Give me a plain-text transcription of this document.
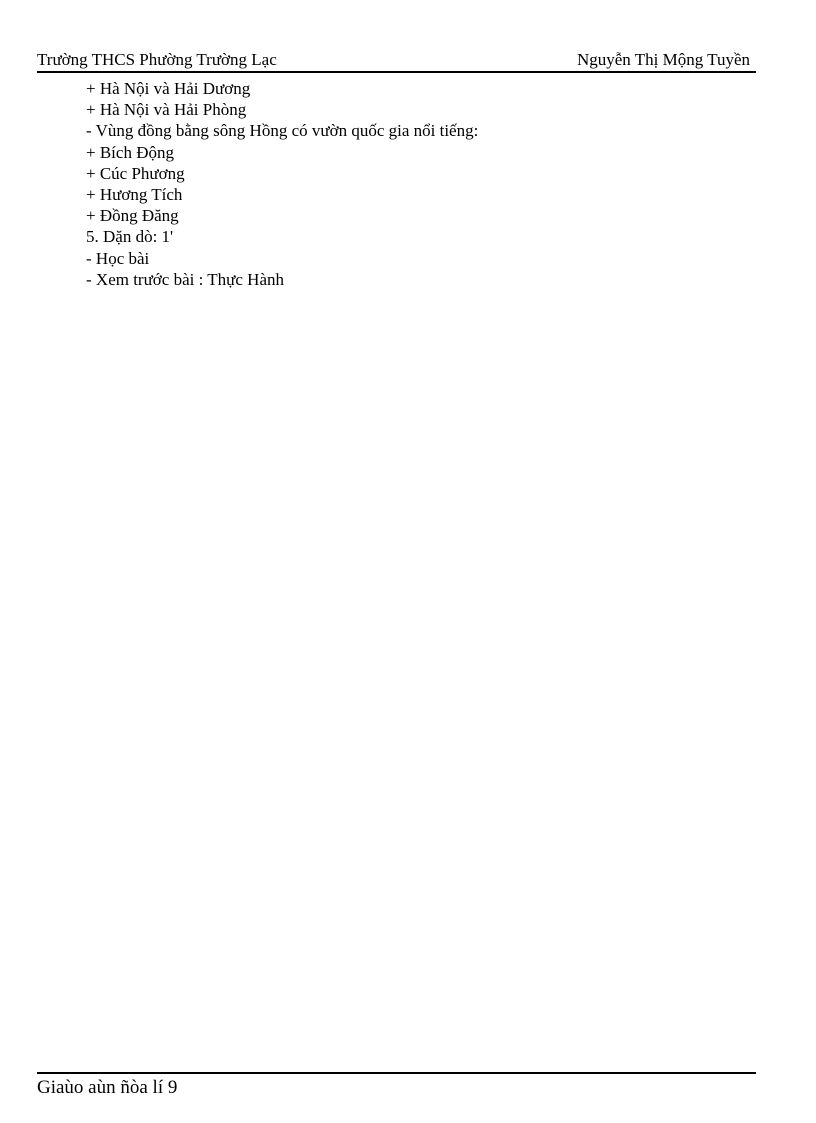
Trường THCS Phường Trường Lạc	Nguyễn Thị Mộng Tuyền
+ Hà Nội và Hải Dương
+ Hà Nội và Hải Phòng
- Vùng đồng bằng sông Hồng có vườn quốc gia nổi tiếng:
+ Bích Động
+ Cúc Phương
+ Hương Tích
+ Đồng Đăng
5. Dặn dò: 1'
- Học bài
- Xem trước bài : Thực Hành
Giaùo aùn ñòa lí 9
